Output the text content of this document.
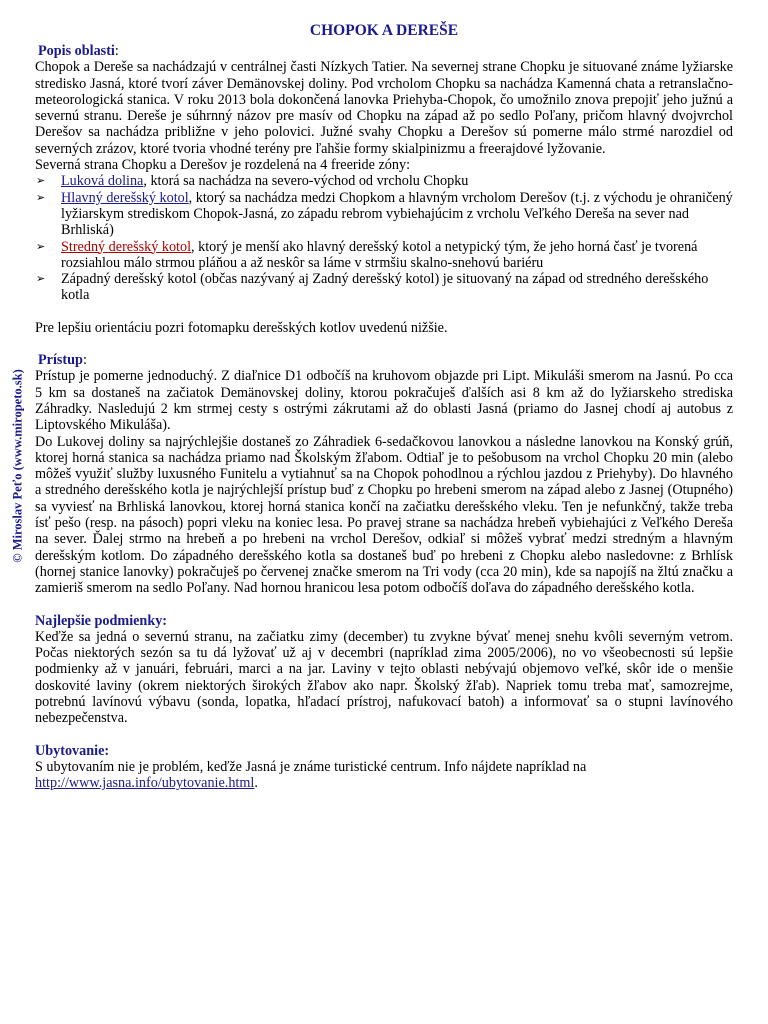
© Miroslav Peťo (www.miropeto.sk)
CHOPOK A DEREŠE
Popis oblasti:

Chopok a Dereše sa nachádzajú v centrálnej časti Nízkych Tatier. Na severnej strane Chopku je situované známe lyžiarske stredisko Jasná, ktoré tvorí záver Demänovskej doliny. Pod vrcholom Chopku sa nachádza Kamenná chata a retranslačno-meteorologická stanica. V roku 2013 bola dokončená lanovka Priehyba-Chopok, čo umožnilo znova prepojiť jeho južnú a severnú stranu. Dereše je súhrnný názov pre masív od Chopku na západ až po sedlo Poľany, pričom hlavný dvojvrchol Derešov sa nachádza približne v jeho polovici. Južné svahy Chopku a Derešov sú pomerne málo strmé narozdiel od severných zrázov, ktoré tvoria vhodné terény pre ľahšie formy skialpinizmu a freerajdové lyžovanie.

Severná strana Chopku a Derešov je rozdelená na 4 freeride zóny:

➢ Luková dolina, ktorá sa nachádza na severo-východ od vrcholu Chopku
➢ Hlavný derešský kotol, ktorý sa nachádza medzi Chopkom a hlavným vrcholom Derešov (t.j. z východu je ohraničený lyžiarskym strediskom Chopok-Jasná, zo západu rebrom vybiehajúcim z vrcholu Veľkého Dereša na sever nad Brhliská)
➢ Stredný derešský kotol, ktorý je menší ako hlavný derešský kotol a netypický tým, že jeho horná časť je tvorená rozsiahlou málo strmou pláňou a až neskôr sa láme v strmšiu skalno-snehovú bariéru
➢ Západný derešský kotol (občas nazývaný aj Zadný derešský kotol) je situovaný na západ od stredného derešského kotla

Pre lepšiu orientáciu pozri fotomapku derešských kotlov uvedenú nižšie.

Prístup:

Prístup je pomerne jednoduchý. Z diaľnice D1 odbočíš na kruhovom objazde pri Lipt. Mikuláši smerom na Jasnú. Po cca 5 km sa dostaneš na začiatok Demänovskej doliny, ktorou pokračuješ ďalších asi 8 km až do lyžiarskeho strediska Záhradky. Nasledujú 2 km strmej cesty s ostrými zákrutami až do oblasti Jasná (priamo do Jasnej chodí aj autobus z Liptovského Mikuláša).

Do Lukovej doliny sa najrýchlejšie dostaneš zo Záhradiek 6-sedačkovou lanovkou a následne lanovkou na Konský grúň, ktorej horná stanica sa nachádza priamo nad Školským žľabom. Odtiaľ je to pešobusom na vrchol Chopku 20 min (alebo môžeš využiť služby luxusného Funitelu a vytiahnuť sa na Chopok pohodlnou a rýchlou jazdou z Priehyby). Do hlavného a stredného derešského kotla je najrýchlejší prístup buď z Chopku po hrebeni smerom na západ alebo z Jasnej (Otupného) sa vyviesť na Brhliská lanovkou, ktorej horná stanica končí na začiatku derešského vleku. Ten je nefunkčný, takže treba ísť pešo (resp. na pásoch) popri vleku na koniec lesa. Po pravej strane sa nachádza hrebeň vybiehajúci z Veľkého Dereša na sever. Ďalej strmo na hrebeň a po hrebeni na vrchol Derešov, odkiaľ si môžeš vybrať medzi stredným a hlavným derešským kotlom. Do západného derešského kotla sa dostaneš buď po hrebeni z Chopku alebo nasledovne: z Brhlísk (hornej stanice lanovky) pokračuješ po červenej značke smerom na Tri vody (cca 20 min), kde sa napojíš na žltú značku a zamieriš smerom na sedlo Poľany. Nad hornou hranicou lesa potom odbočíš doľava do západného derešského kotla.

Najlepšie podmienky:

Keďže sa jedná o severnú stranu, na začiatku zimy (december) tu zvykne bývať menej snehu kvôli severným vetrom. Počas niektorých sezón sa tu dá lyžovať už aj v decembri (napríklad zima 2005/2006), no vo všeobecnosti sú lepšie podmienky až v januári, februári, marci a na jar. Laviny v tejto oblasti nebývajú objemovo veľké, skôr ide o menšie doskovité laviny (okrem niektorých širokých žľabov ako napr. Školský žľab). Napriek tomu treba mať, samozrejme, potrebnú lavínovú výbavu (sonda, lopatka, hľadací prístroj, nafukovací batoh) a informovať sa o stupni lavínového nebezpečenstva.

Ubytovanie:

S ubytovaním nie je problém, keďže Jasná je známe turistické centrum. Info nájdete napríklad na

http://www.jasna.info/ubytovanie.html.
